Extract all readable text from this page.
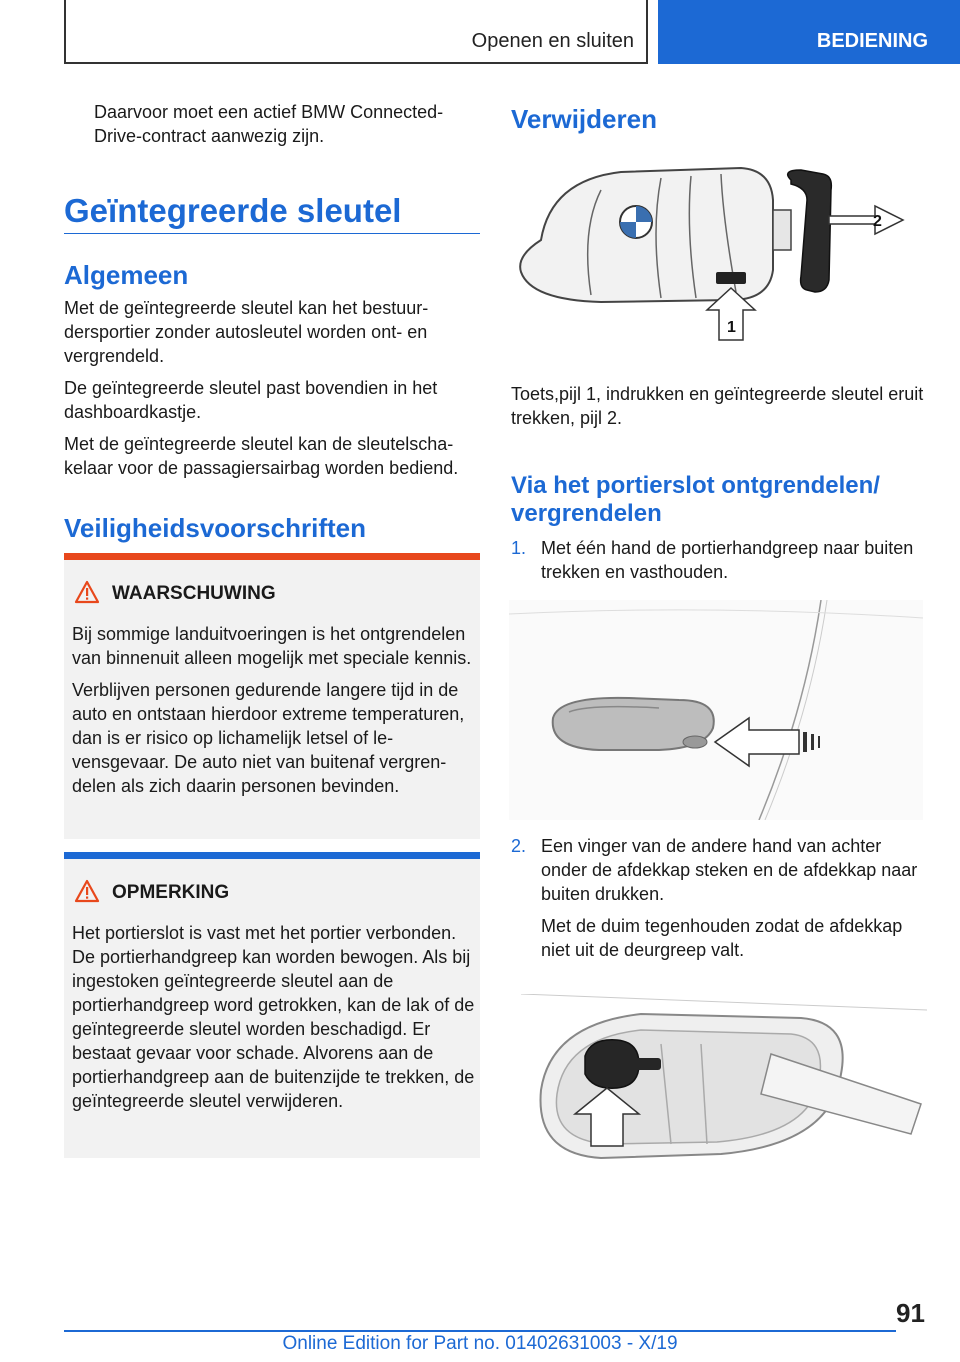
Openen en sluiten	BEDIENING

Daarvoor moet een actief BMW ConnectedDrive-contract aanwezig zijn.

Geïntegreerde sleutel
Algemeen

Met de geïntegreerde sleutel kan het bestuurdersportier zonder autosleutel worden ont- en vergrendeld.

De geïntegreerde sleutel past bovendien in het dashboardkastje.

Met de geïntegreerde sleutel kan de sleutelschakelaar voor de passagiersairbag worden bediend.

Veiligheidsvoorschriften
WAARSCHUWING

Bij sommige landuitvoeringen is het ontgrendelen van binnenuit alleen mogelijk met speciale kennis.

Verblijven personen gedurende langere tijd in de auto en ontstaan hierdoor extreme temperaturen, dan is er risico op lichamelijk letsel of levensgevaar. De auto niet van buitenaf vergrendelen als zich daarin personen bevinden.

OPMERKING

Het portierslot is vast met het portier verbonden. De portierhandgreep kan worden bewogen. Als bij ingestoken geïntegreerde sleutel aan de portierhandgreep word getrokken, kan de lak of de geïntegreerde sleutel worden beschadigd. Er bestaat gevaar voor schade. Alvorens aan de portierhandgreep aan de buitenzijde te trekken, de geïntegreerde sleutel verwijderen.

Verwijderen
2
1

Toets,pijl 1, indrukken en geïntegreerde sleutel eruit trekken, pijl 2.

Via het portierslot ontgrendelen/ vergrendelen
1. Met één hand de portierhandgreep naar buiten trekken en vasthouden.

2. Een vinger van de andere hand van achter onder de afdekkap steken en de afdekkap naar buiten drukken.

Met de duim tegenhouden zodat de afdekkap niet uit de deurgreep valt.

91
Online Edition for Part no. 01402631003 - X/19
